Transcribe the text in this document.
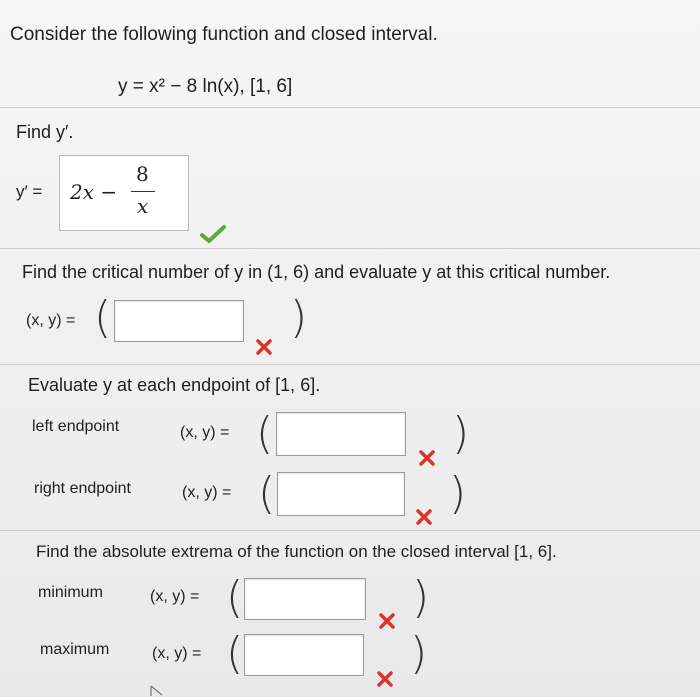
Consider the following function and closed interval.
y = x² − 8 ln(x), [1, 6]
Find y′.
y′ = 2x −
8
x
Find the critical number of y in (1, 6) and evaluate y at this critical number.
(x, y) = (	)
Evaluate y at each endpoint of [1, 6].
left endpoint	(x, y) = (	)
right endpoint	(x, y) = (	)
Find the absolute extrema of the function on the closed interval [1, 6].
minimum	(x, y) = (	)
maximum	(x, y) = (	)
